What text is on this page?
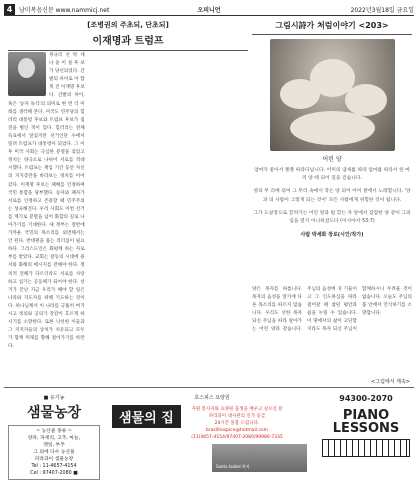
4	남미복음신문 www.nammicj.net	오피니언	2022년3월18일 금요일
[조병권의 주초되, 단초되]
이재명과 트럼프
정규리 선 박 세 나 윤 이 실 후 보 가 당선되었다. 간발의 차이로 아 깝게 진 이재명 후보다. 간발의 차이, 혹은 '승자 독식'의 의미로 한 번 더 미래를 생각해 본다. 미국도 민주당의 힐러리 대통령 후보와 트럼프 후보가 접전을 벌인 적이 있다. 힐러리는 전체 득표에서 앞섰지만 선거인단 수에서 밀려 트럼프가 대통령이 되었다. 그 이후 미국 사회는 극심한 분열을 겪었고 정치는 양극으로 나뉘어 서로를 적대시했다. 트럼프는 재임 기간 동안 자신의 지지층만을 바라보는 정치를 이어갔다. 이재명 후보는 패배를 인정하며 국민 통합을 당부했다. 승자와 패자가 서로를 인정하고 존중할 때 민주주의는 성숙해진다. 우리 사회도 이번 선거를 계기로 분열을 넘어 화합의 길로 나아가기를 기대한다. 새 정부는 절반에 가까운 국민의 목소리를 외면해서는 안 된다. 반대편을 품는 리더십이 필요하다. 그리스도인은 화평케 하는 자로 부름 받았다. 교회는 갈등의 시대에 용서와 화해의 메시지를 전해야 한다. 정치적 견해가 다르더라도 서로를 사랑하고 섬기는 공동체가 되어야 한다. 선거가 끝난 지금 우리가 해야 할 일은 나라와 지도자를 위해 기도하는 것이다. 하나님께서 이 나라를 긍휼히 여기시고 정의와 공의가 강같이 흐르게 하시기를 소망한다. 또한 낙선한 이들과 그 지지자들의 상처가 치유되고 모두가 함께 미래를 향해 걸어가기를 바란다.
그림시詩가 처럼이야기 <203>
어린 양
엄마가 좋아서 쫄쫄 따라다닙니다. 어미의 냄새를 따라 엄마를 따라서 한 마리 양 떼 되어 길을 걷습니다.
양의 무 리에 섞여 그 무리 속에서 작은 양 되어 어미 곁에서 노래합니다. '양과 의 사람이 그렇게 되는 것이' 모든 사람에게 위험한 것이 됩니다.
그가 도살장으로 끌려가는 어린 양과 털 깎는 자 앞에서 잠잠한 양 같이 그의 입을 열지 아니하셨도다 (이사야서 53:7)
사람 박세화 장로(시인/작가)
양은 목자를 따릅니다. 목자의 음성을 알기에 다른 목소리를 따르지 않습니다. 우리도 선한 목자 되신 주님을 따라 살아가는 어린 양과 같습니다. 주님의 음성에 귀 기울이고 그 인도하심을 따라 걸어갈 때 참된 평안과 쉼을 누릴 수 있습니다. 이 땅에서의 삶이 고단할지라도 목자 되신 주님이 함께하시니 두려울 것이 없습니다. 오늘도 주님의 품 안에서 안식하기를 소망합니다.
<그림에서 계속>
■ 유기농
샘물농장
~ 농산물 종류 ~
양파, 파세리, 고추, 마늘,
깻잎, 부추
그 외에 다수 농산물
파라과이 샘물농장
Tel : 11-4657-4154
Cel : 97407-2080 ■
호스피스 요양원
샘물의 집
자원 봉사자와 요양원 출생을 배우고 싶으신 분
파라과이 대사관의 인가 등급
24시간 돌봄 드립니다.
brasilhospice@hotmail.com
(11)4657-4154/97407-2080/99986-7335
Santa Isabel 복지
94300-2070
PIANO LESSONS
